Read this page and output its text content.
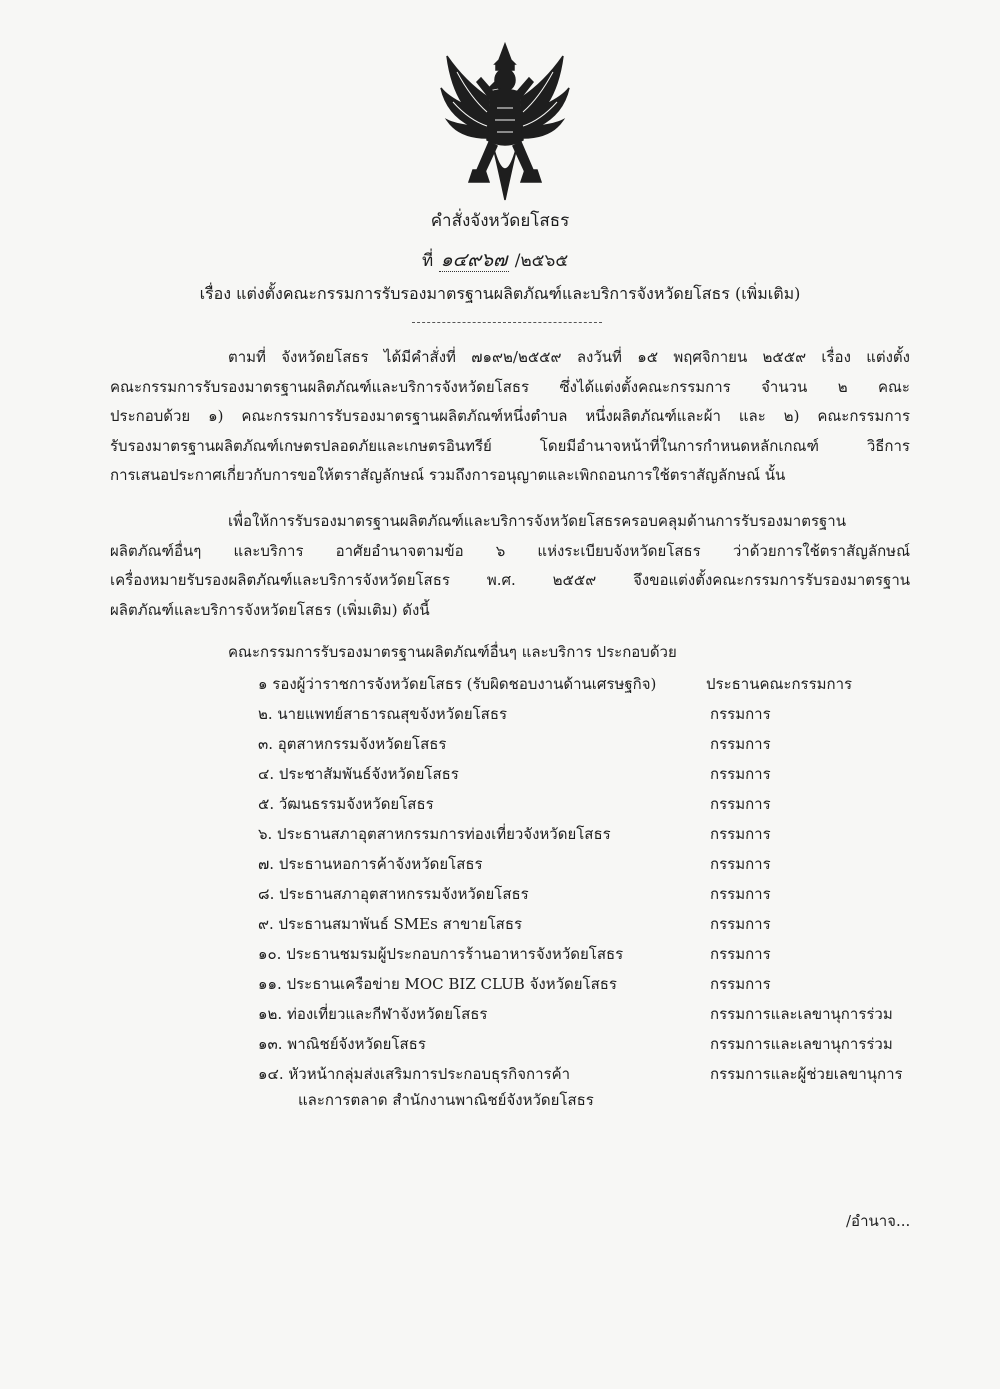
คำสั่งจังหวัดยโสธร
ที่ ๑๔๙๖๗ /๒๕๖๕
เรื่อง แต่งตั้งคณะกรรมการรับรองมาตรฐานผลิตภัณฑ์และบริการจังหวัดยโสธร (เพิ่มเติม)
ตามที่ จังหวัดยโสธร ได้มีคำสั่งที่ ๗๑๙๒/๒๕๕๙ ลงวันที่ ๑๕ พฤศจิกายน ๒๕๕๙ เรื่อง แต่งตั้ง
คณะกรรมการรับรองมาตรฐานผลิตภัณฑ์และบริการจังหวัดยโสธร ซึ่งได้แต่งตั้งคณะกรรมการ จำนวน ๒ คณะ
ประกอบด้วย ๑) คณะกรรมการรับรองมาตรฐานผลิตภัณฑ์หนึ่งตำบล หนึ่งผลิตภัณฑ์และผ้า และ ๒) คณะกรรมการ
รับรองมาตรฐานผลิตภัณฑ์เกษตรปลอดภัยและเกษตรอินทรีย์ โดยมีอำนาจหน้าที่ในการกำหนดหลักเกณฑ์ วิธีการ
การเสนอประกาศเกี่ยวกับการขอให้ตราสัญลักษณ์ รวมถึงการอนุญาตและเพิกถอนการใช้ตราสัญลักษณ์ นั้น
เพื่อให้การรับรองมาตรฐานผลิตภัณฑ์และบริการจังหวัดยโสธรครอบคลุมด้านการรับรองมาตรฐาน
ผลิตภัณฑ์อื่นๆ และบริการ อาศัยอำนาจตามข้อ ๖ แห่งระเบียบจังหวัดยโสธร ว่าด้วยการใช้ตราสัญลักษณ์
เครื่องหมายรับรองผลิตภัณฑ์และบริการจังหวัดยโสธร พ.ศ. ๒๕๕๙ จึงขอแต่งตั้งคณะกรรมการรับรองมาตรฐาน
ผลิตภัณฑ์และบริการจังหวัดยโสธร (เพิ่มเติม) ดังนี้
คณะกรรมการรับรองมาตรฐานผลิตภัณฑ์อื่นๆ และบริการ ประกอบด้วย
๑ รองผู้ว่าราชการจังหวัดยโสธร (รับผิดชอบงานด้านเศรษฐกิจ)	ประธานคณะกรรมการ
๒. นายแพทย์สาธารณสุขจังหวัดยโสธร	กรรมการ
๓. อุตสาหกรรมจังหวัดยโสธร	กรรมการ
๔. ประชาสัมพันธ์จังหวัดยโสธร	กรรมการ
๕. วัฒนธรรมจังหวัดยโสธร	กรรมการ
๖. ประธานสภาอุตสาหกรรมการท่องเที่ยวจังหวัดยโสธร	กรรมการ
๗. ประธานหอการค้าจังหวัดยโสธร	กรรมการ
๘. ประธานสภาอุตสาหกรรมจังหวัดยโสธร	กรรมการ
๙. ประธานสมาพันธ์ SMEs สาขายโสธร	กรรมการ
๑๐. ประธานชมรมผู้ประกอบการร้านอาหารจังหวัดยโสธร	กรรมการ
๑๑. ประธานเครือข่าย MOC BIZ CLUB จังหวัดยโสธร	กรรมการ
๑๒. ท่องเที่ยวและกีฬาจังหวัดยโสธร	กรรมการและเลขานุการร่วม
๑๓. พาณิชย์จังหวัดยโสธร	กรรมการและเลขานุการร่วม
๑๔. หัวหน้ากลุ่มส่งเสริมการประกอบธุรกิจการค้า	กรรมการและผู้ช่วยเลขานุการ
และการตลาด สำนักงานพาณิชย์จังหวัดยโสธร
/อำนาจ...
